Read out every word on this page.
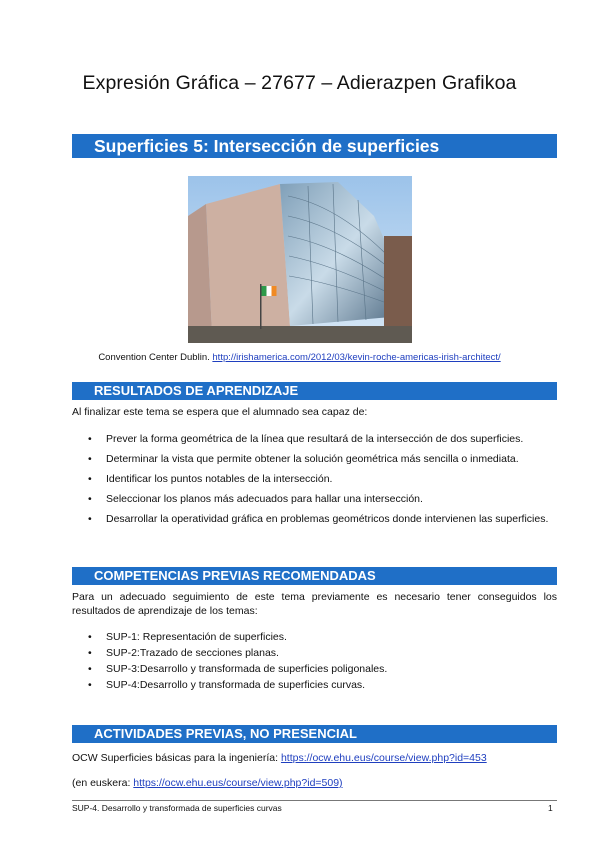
Expresión Gráfica – 27677 – Adierazpen Grafikoa
Superficies 5: Intersección de superficies
Convention Center Dublin. http://irishamerica.com/2012/03/kevin-roche-americas-irish-architect/
RESULTADOS DE APRENDIZAJE
Al finalizar este tema se espera que el alumnado sea capaz de:
• Prever la forma geométrica de la línea que resultará de la intersección de dos superficies.
• Determinar la vista que permite obtener la solución geométrica más sencilla o inmediata.
• Identificar los puntos notables de la intersección.
• Seleccionar los planos más adecuados para hallar una intersección.
• Desarrollar la operatividad gráfica en problemas geométricos donde intervienen las superficies.
COMPETENCIAS PREVIAS RECOMENDADAS
Para un adecuado seguimiento de este tema previamente es necesario tener conseguidos los resultados de aprendizaje de los temas:
• SUP-1: Representación de superficies.
• SUP-2:Trazado de secciones planas.
• SUP-3:Desarrollo y transformada de superficies poligonales.
• SUP-4:Desarrollo y transformada de superficies curvas.
ACTIVIDADES PREVIAS, NO PRESENCIAL
OCW Superficies básicas para la ingeniería: https://ocw.ehu.eus/course/view.php?id=453
(en euskera: https://ocw.ehu.eus/course/view.php?id=509)
SUP-4. Desarrollo y transformada de superficies curvas	1
